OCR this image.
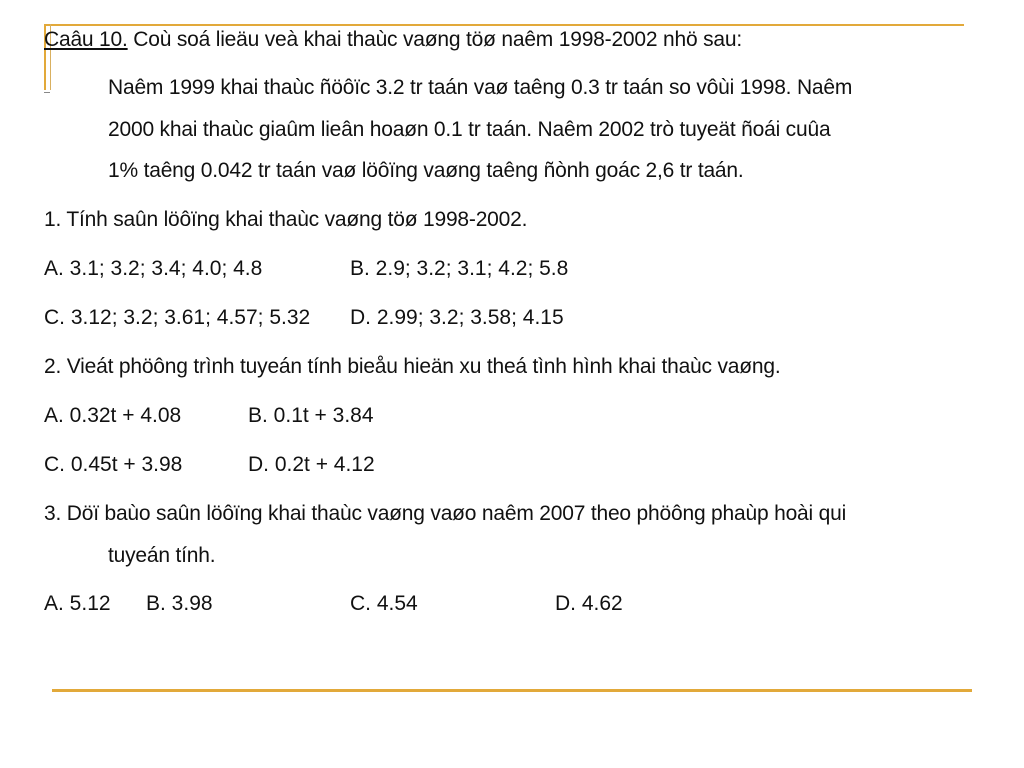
Caâu 10. Coù soá lieäu veà khai thaùc vaøng töø naêm 1998-2002 nhö sau:
Naêm 1999 khai thaùc ñöôïc 3.2 tr taán vaø taêng 0.3 tr taán so vôùi 1998. Naêm
2000 khai thaùc giaûm lieân hoaøn 0.1 tr taán. Naêm 2002 trò tuyeät ñoái cuûa
1% taêng 0.042 tr taán vaø löôïng vaøng taêng ñònh goác 2,6 tr taán.
1. Tính saûn löôïng khai thaùc vaøng töø 1998-2002.
A. 3.1; 3.2; 3.4; 4.0; 4.8	B. 2.9; 3.2; 3.1; 4.2; 5.8
C. 3.12; 3.2; 3.61; 4.57; 5.32 D. 2.99; 3.2; 3.58; 4.15
2. Vieát phöông trình tuyeán tính bieåu hieän xu theá tình hình khai thaùc vaøng.
A. 0.32t + 4.08	B. 0.1t + 3.84
C. 0.45t + 3.98	D. 0.2t + 4.12
3. Döï baùo saûn löôïng khai thaùc vaøng vaøo naêm 2007 theo phöông phaùp hoài qui
tuyeán tính.
A. 5.12 B. 3.98	C. 4.54	D. 4.62
